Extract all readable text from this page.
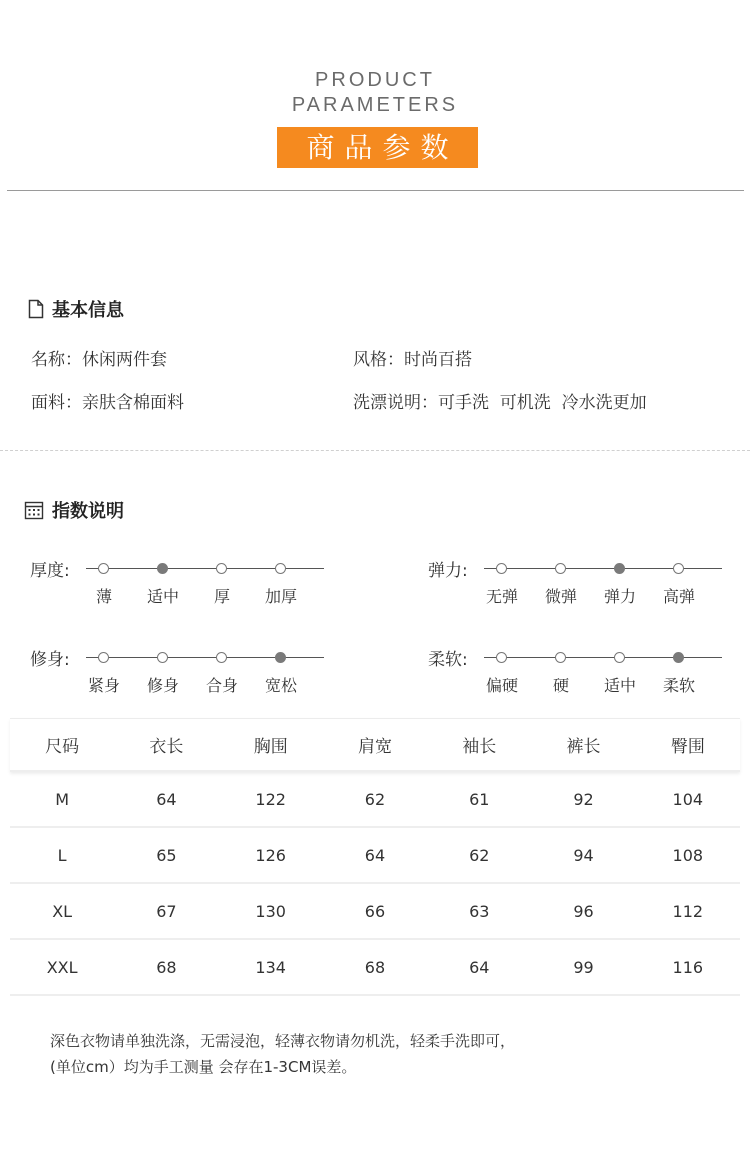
PRODUCT
PARAMETERS
商品参数
基本信息
名称：休闲两件套	风格：时尚百搭
面料：亲肤含棉面料	洗漂说明：可手洗  可机洗  冷水洗更加
指数说明
厚度:
薄	适中	厚	加厚
弹力:
无弹	微弹	弹力	高弹
修身:
紧身	修身	合身	宽松
柔软:
偏硬	硬	适中	柔软
尺码	衣长	胸围	肩宽	袖长	裤长	臀围
M	64	122	62	61	92	104
L	65	126	64	62	94	108
XL	67	130	66	63	96	112
XXL	68	134	68	64	99	116
深色衣物请单独洗涤，无需浸泡，轻薄衣物请勿机洗，轻柔手洗即可，
(单位cm）均为手工测量 会存在1-3CM误差。
